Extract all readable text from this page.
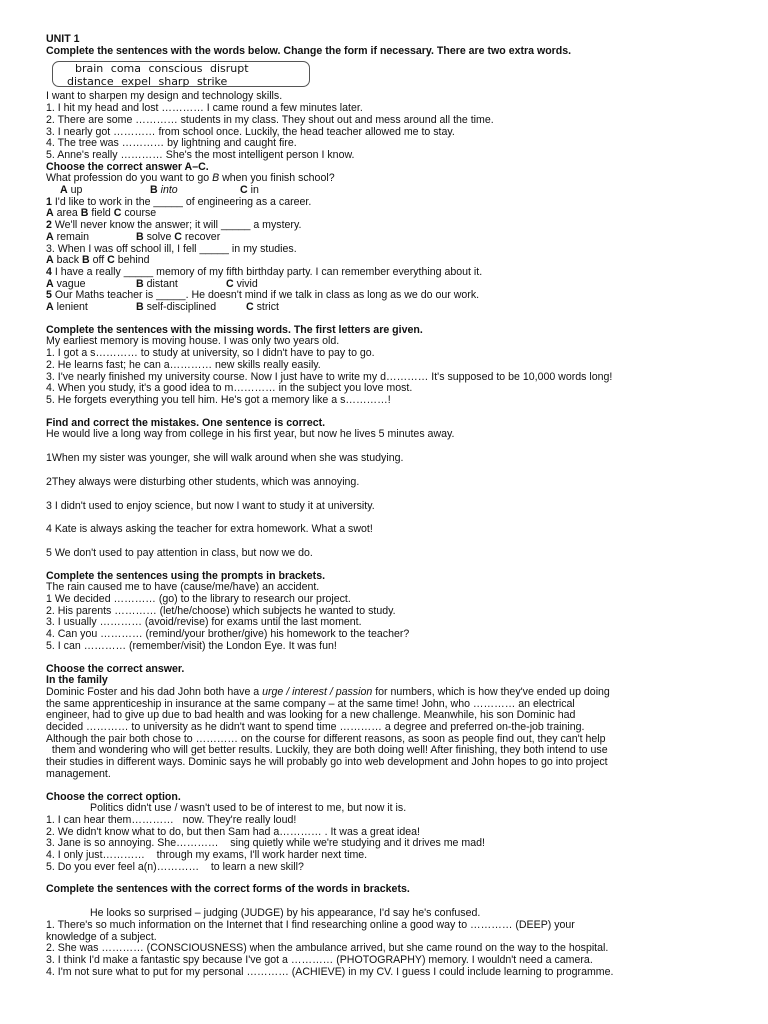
UNIT 1
Complete the sentences with the words below. Change the form if necessary. There are two extra words.
brain coma conscious disrupt
distance expel sharp strike
I want to sharpen my design and technology skills.
1. I hit my head and lost ………… I came round a few minutes later.
2. There are some ………… students in my class. They shout out and mess around all the time.
3. I nearly got ………… from school once. Luckily, the head teacher allowed me to stay.
4. The tree was ………… by lightning and caught fire.
5. Anne's really ………… She's the most intelligent person I know.
Choose the correct answer A–C.
What profession do you want to go B when you finish school?
A up	B into	C in
1 I'd like to work in the _____ of engineering as a career.
A area B field C course
2 We'll never know the answer; it will _____ a mystery.
A remain	B solve C recover
3. When I was off school ill, I fell _____ in my studies.
A back B off C behind
4 I have a really _____ memory of my fifth birthday party. I can remember everything about it.
A vague	B distant	C vivid
5 Our Maths teacher is _____. He doesn't mind if we talk in class as long as we do our work.
A lenient	B self-disciplined	C strict
Complete the sentences with the missing words. The first letters are given.
My earliest memory is moving house. I was only two years old.
1. I got a s………… to study at university, so I didn't have to pay to go.
2. He learns fast; he can a………… new skills really easily.
3. I've nearly finished my university course. Now I just have to write my d………… It's supposed to be 10,000 words long!
4. When you study, it's a good idea to m………… in the subject you love most.
5. He forgets everything you tell him. He's got a memory like a s…………!
Find and correct the mistakes. One sentence is correct.
He would live a long way from college in his first year, but now he lives 5 minutes away.
1When my sister was younger, she will walk around when she was studying.
2They always were disturbing other students, which was annoying.
3 I didn't used to enjoy science, but now I want to study it at university.
4 Kate is always asking the teacher for extra homework. What a swot!
5 We don't used to pay attention in class, but now we do.
Complete the sentences using the prompts in brackets.
The rain caused me to have (cause/me/have) an accident.
1 We decided ………… (go) to the library to research our project.
2. His parents ………… (let/he/choose) which subjects he wanted to study.
3. I usually ………… (avoid/revise) for exams until the last moment.
4. Can you ………… (remind/your brother/give) his homework to the teacher?
5. I can ………… (remember/visit) the London Eye. It was fun!
Choose the correct answer.
In the family
Dominic Foster and his dad John both have a urge / interest / passion for numbers, which is how they've ended up doing
the same apprenticeship in insurance at the same company – at the same time! John, who ………… an electrical
engineer, had to give up due to bad health and was looking for a new challenge. Meanwhile, his son Dominic had
decided ………… to university as he didn't want to spend time ………… a degree and preferred on-the-job training.
Although the pair both chose to ………… on the course for different reasons, as soon as people find out, they can't help
them and wondering who will get better results. Luckily, they are both doing well! After finishing, they both intend to use
their studies in different ways. Dominic says he will probably go into web development and John hopes to go into project
management.
Choose the correct option.
Politics didn't use / wasn't used to be of interest to me, but now it is.
1. I can hear them…………   now. They're really loud!
2. We didn't know what to do, but then Sam had a………… . It was a great idea!
3. Jane is so annoying. She…………    sing quietly while we're studying and it drives me mad!
4. I only just…………    through my exams, I'll work harder next time.
5. Do you ever feel a(n)…………    to learn a new skill?
Complete the sentences with the correct forms of the words in brackets.
He looks so surprised – judging (JUDGE) by his appearance, I'd say he's confused.
1. There's so much information on the Internet that I find researching online a good way to ………… (DEEP) your
knowledge of a subject.
2. She was ………… (CONSCIOUSNESS) when the ambulance arrived, but she came round on the way to the hospital.
3. I think I'd make a fantastic spy because I've got a ………… (PHOTOGRAPHY) memory. I wouldn't need a camera.
4. I'm not sure what to put for my personal ………… (ACHIEVE) in my CV. I guess I could include learning to programme.
